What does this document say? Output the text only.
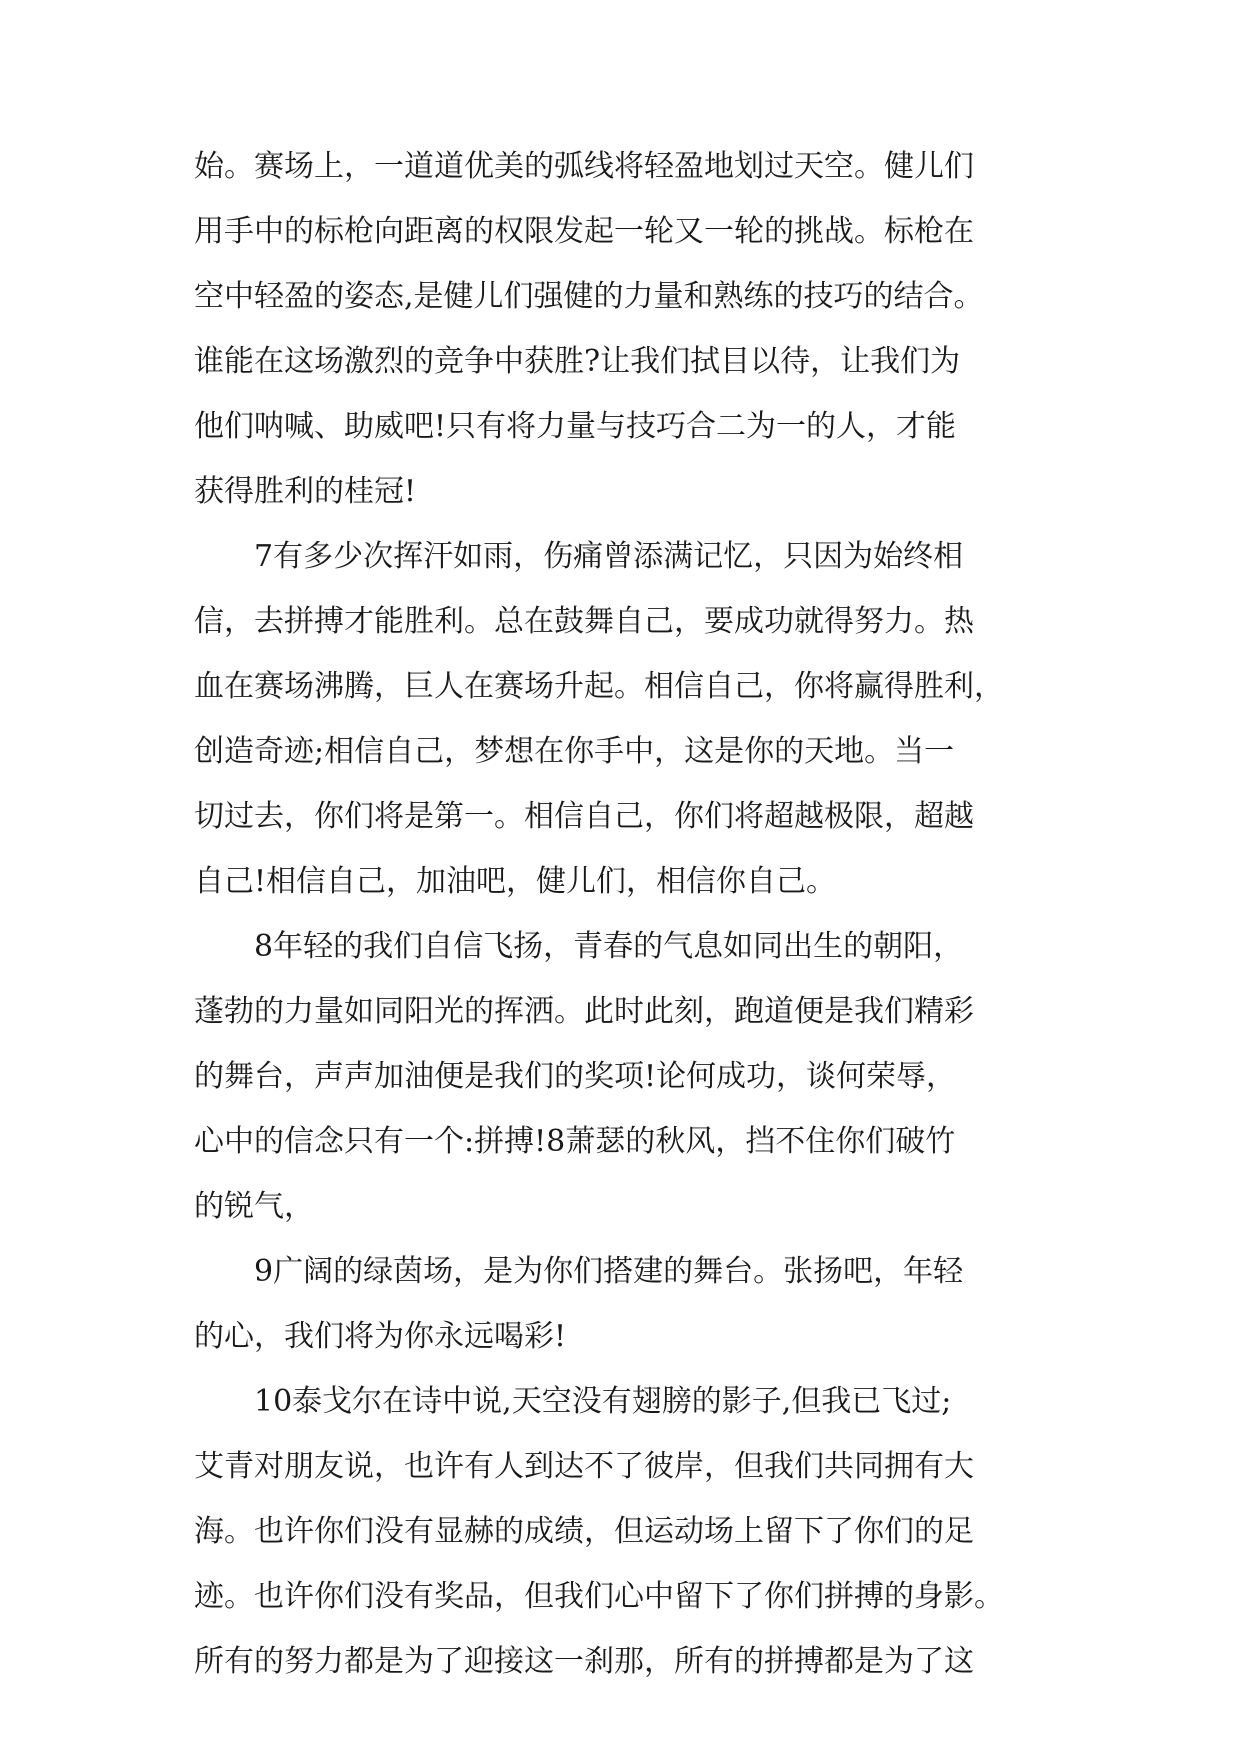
始。赛场上，一道道优美的弧线将轻盈地划过天空。健儿们
用手中的标枪向距离的权限发起一轮又一轮的挑战。标枪在
空中轻盈的姿态,是健儿们强健的力量和熟练的技巧的结合。
谁能在这场激烈的竞争中获胜?让我们拭目以待，让我们为
他们呐喊、助威吧!只有将力量与技巧合二为一的人，才能
获得胜利的桂冠!
7有多少次挥汗如雨，伤痛曾添满记忆，只因为始终相
信，去拼搏才能胜利。总在鼓舞自己，要成功就得努力。热
血在赛场沸腾，巨人在赛场升起。相信自己，你将赢得胜利，
创造奇迹;相信自己，梦想在你手中，这是你的天地。当一
切过去，你们将是第一。相信自己，你们将超越极限，超越
自己!相信自己，加油吧，健儿们，相信你自己。
8年轻的我们自信飞扬，青春的气息如同出生的朝阳，
蓬勃的力量如同阳光的挥洒。此时此刻，跑道便是我们精彩
的舞台，声声加油便是我们的奖项!论何成功，谈何荣辱，
心中的信念只有一个:拼搏!8萧瑟的秋风，挡不住你们破竹
的锐气，
9广阔的绿茵场，是为你们搭建的舞台。张扬吧，年轻
的心，我们将为你永远喝彩!
10泰戈尔在诗中说,天空没有翅膀的影子,但我已飞过;
艾青对朋友说，也许有人到达不了彼岸，但我们共同拥有大
海。也许你们没有显赫的成绩，但运动场上留下了你们的足
迹。也许你们没有奖品，但我们心中留下了你们拼搏的身影。
所有的努力都是为了迎接这一刹那，所有的拼搏都是为了这
